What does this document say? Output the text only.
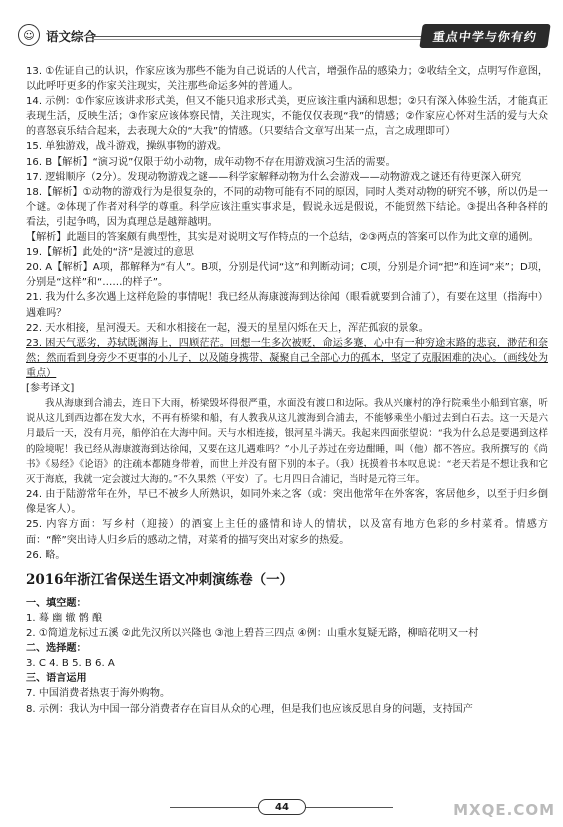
☺ 语文综合	重点中学与你有约

13. ①佐证自己的认识，作家应该为那些不能为自己说话的人代言，增强作品的感染力；②收结全文，点明写作意图，以此呼吁更多的作家关注现实，关注那些命运多舛的普通人。

14. 示例：①作家应该讲求形式美，但又不能只追求形式美，更应该注重内涵和思想；②只有深入体验生活，才能真正表现生活，反映生活；③作家应该体察民情，关注现实，不能仅仅表现“我”的情感；②作家应心怀对生活的爱与大众的喜怒哀乐结合起来，去表现大众的“大我”的情感。（只要结合文章写出某一点，言之成理即可）

15. 单独游戏，战斗游戏，操纵事物的游戏。

16. B【解析】“演习说”仅限于幼小动物，成年动物不存在用游戏演习生活的需要。

17. 逻辑顺序（2分）。发现动物游戏之谜——科学家解释动物为什么会游戏——动物游戏之谜还有待更深入研究

18.【解析】①动物的游戏行为是很复杂的，不同的动物可能有不同的原因，同时人类对动物的研究不够，所以仍是一个谜。②体现了作者对科学的尊重。科学应该注重实事求是，假说永远是假说，不能贸然下结论。③提出各种各样的看法，引起争鸣，因为真理总是越辩越明。

【解析】此题目的答案颇有典型性，其实是对说明文写作特点的一个总结，②③两点的答案可以作为此文章的通例。

19.【解析】此处的“济”是渡过的意思

20. A【解析】A项，都解释为“有人”。B项，分别是代词“这”和判断动词；C项，分别是介词“把”和连词“来”；D项，分别是“这样”和“……的样子”。

21. 我为什么多次遇上这样危险的事情呢！我已经从海康渡海到达徐闻（眼看就要到合浦了），有要在这里（指海中）遇难吗？

22. 天水相接，星河漫天。天和水相接在一起，漫天的星星闪烁在天上，浑茫孤寂的景象。

23. 困天气恶劣，苏轼既渊海上，四顾茫茫。回想一生多次被贬，命运多蹇，心中有一种穷途末路的悲哀，渺茫和奈然；然而看到身旁少不更事的小儿子，以及随身携带、凝聚自己全部心力的孤本，坚定了克服困难的决心。（画线处为重点）

[参考译文]

我从海康到合浦去，连日下大雨，桥梁毁坏得很严重，水面没有渡口和边际。我从兴廉村的净行院乘坐小船到官寨，听说从这儿到西边都在发大水，不再有桥梁和船，有人教我从这儿渡海到合浦去，不能够乘坐小船过去到白石去。这一天是六月最后一天，没有月亮，船停泊在大海中间。天与水相连接，银河星斗满天。我起来四面张望说：“我为什么总是要遇到这样的险境呢！我已经从海康渡海到达徐闻，又要在这儿遇难吗？”小儿子苏过在旁边酣睡，叫（他）都不答应。我所撰写的《尚书》《易经》《论语》的注疏本都随身带着，而世上并没有留下别的本子。（我）抚摸着书本叹息说：“老天若是不想让我和它灭于海底，我就一定会渡过大海的。”不久果然（平安）了。七月四日合浦记，当时是元符三年。

24. 由于陆游常年在外，早已不被乡人所熟识，如同外来之客（或：突出他常年在外客客，客居他乡，以至于归乡倒像是客人）。

25. 内容方面：写乡村（迎接）的酒宴上主任的盛情和诗人的情状，以及富有地方色彩的乡村菜肴。情感方面：“醉”突出诗人归乡后的感动之情，对菜肴的描写突出对家乡的热爱。

26. 略。

2016年浙江省保送生语文冲刺演练卷（一）

一、填空题：

1. 蓦 幽 辙 鹘 酿

2. ①简道龙标过五溪 ②此先汉所以兴隆也 ③池上碧苔三四点 ④例：山重水复疑无路，柳暗花明又一村

二、选择题：

3. C 4. B 5. B 6. A

三、语言运用

7. 中国消费者热衷于海外购物。

8. 示例：我认为中国一部分消费者存在盲目从众的心理，但是我们也应该反思自身的问题，支持国产

44	MXQE.COM
